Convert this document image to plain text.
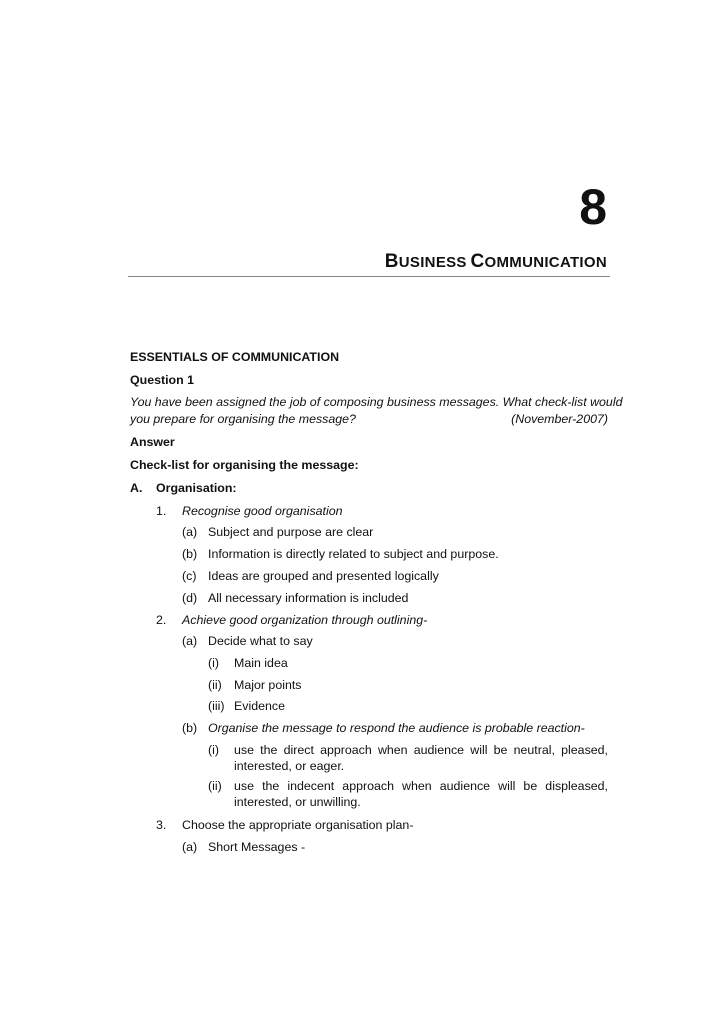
8
BUSINESS COMMUNICATION
ESSENTIALS OF COMMUNICATION
Question 1
You have been assigned the job of composing business messages. What check-list would
you prepare for organising the message?	(November-2007)
Answer
Check-list for organising the message:
A. Organisation:
1. Recognise good organisation
(a) Subject and purpose are clear
(b) Information is directly related to subject and purpose.
(c) Ideas are grouped and presented logically
(d) All necessary information is included
2. Achieve good organization through outlining-
(a) Decide what to say
(i) Main idea
(ii) Major points
(iii) Evidence
(b) Organise the message to respond the audience is probable reaction-
(i) use the direct approach when audience will be neutral, pleased,
interested, or eager.
(ii) use the indecent approach when audience will be displeased,
interested, or unwilling.
3. Choose the appropriate organisation plan-
(a) Short Messages -
